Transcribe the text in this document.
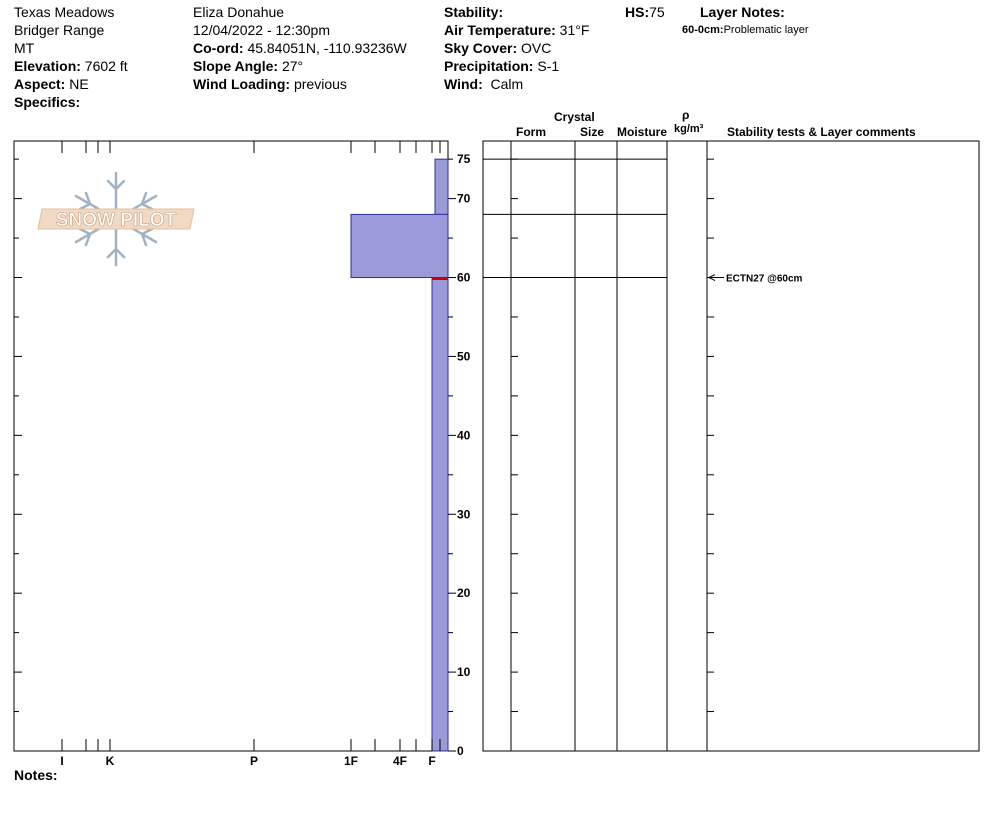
Texas Meadows
Bridger Range
MT
Elevation: 7602 ft
Aspect: NE
Specifics:
Eliza Donahue
12/04/2022 - 12:30pm
Co-ord: 45.84051N, -110.93236W
Slope Angle: 27°
Wind Loading: previous
Stability:
Air Temperature: 31°F
Sky Cover: OVC
Precipitation: S-1
Wind: Calm
HS:75	Layer Notes:
60-0cm:Problematic layer
Crystal
Form	Size Moisture
ρ
kg/m³ Stability tests & Layer comments
SNOW PILOT
I	K	P	1F	4F F
0
10
20
30
40
50
60
70
75
ECTN27 @60cm
Notes:
